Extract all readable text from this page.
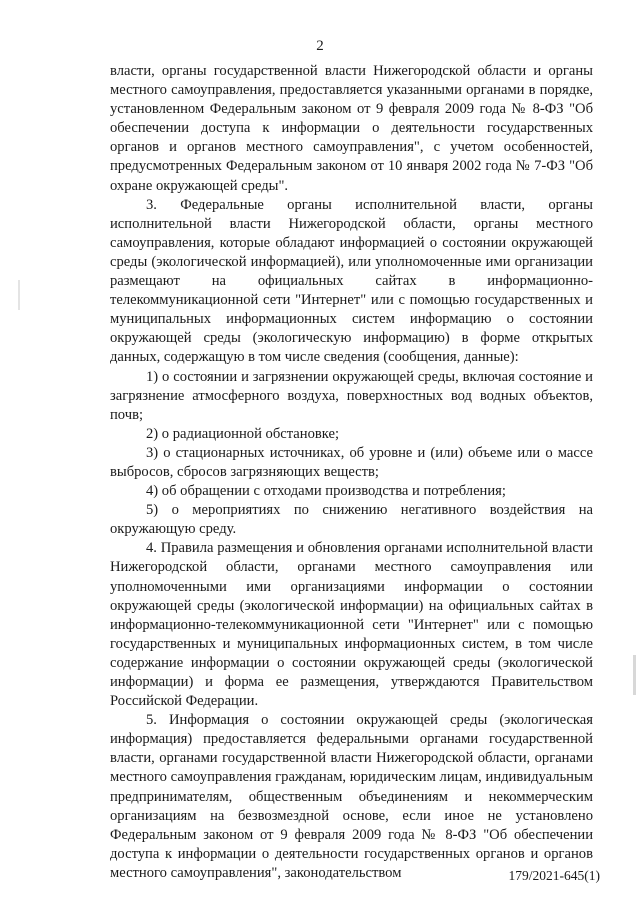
2

власти, органы государственной власти Нижегородской области и органы местного самоуправления, предоставляется указанными органами в порядке, установленном Федеральным законом от 9 февраля 2009 года № 8-ФЗ "Об обеспечении доступа к информации о деятельности государственных органов и органов местного самоуправления", с учетом особенностей, предусмотренных Федеральным законом от 10 января 2002 года № 7-ФЗ "Об охране окружающей среды".

3. Федеральные органы исполнительной власти, органы исполнительной власти Нижегородской области, органы местного самоуправления, которые обладают информацией о состоянии окружающей среды (экологической информацией), или уполномоченные ими организации размещают на официальных сайтах в информационно-телекоммуникационной сети "Интернет" или с помощью государственных и муниципальных информационных систем информацию о состоянии окружающей среды (экологическую информацию) в форме открытых данных, содержащую в том числе сведения (сообщения, данные):

1) о состоянии и загрязнении окружающей среды, включая состояние и загрязнение атмосферного воздуха, поверхностных вод водных объектов, почв;

2) о радиационной обстановке;

3) о стационарных источниках, об уровне и (или) объеме или о массе выбросов, сбросов загрязняющих веществ;

4) об обращении с отходами производства и потребления;

5) о мероприятиях по снижению негативного воздействия на окружающую среду.

4. Правила размещения и обновления органами исполнительной власти Нижегородской области, органами местного самоуправления или уполномоченными ими организациями информации о состоянии окружающей среды (экологической информации) на официальных сайтах в информационно-телекоммуникационной сети "Интернет" или с помощью государственных и муниципальных информационных систем, в том числе содержание информации о состоянии окружающей среды (экологической информации) и форма ее размещения, утверждаются Правительством Российской Федерации.

5. Информация о состоянии окружающей среды (экологическая информация) предоставляется федеральными органами государственной власти, органами государственной власти Нижегородской области, органами местного самоуправления гражданам, юридическим лицам, индивидуальным предпринимателям, общественным объединениям и некоммерческим организациям на безвозмездной основе, если иное не установлено Федеральным законом от 9 февраля 2009 года № 8-ФЗ "Об обеспечении доступа к информации о деятельности государственных органов и органов местного самоуправления", законодательством	179/2021-645(1)
